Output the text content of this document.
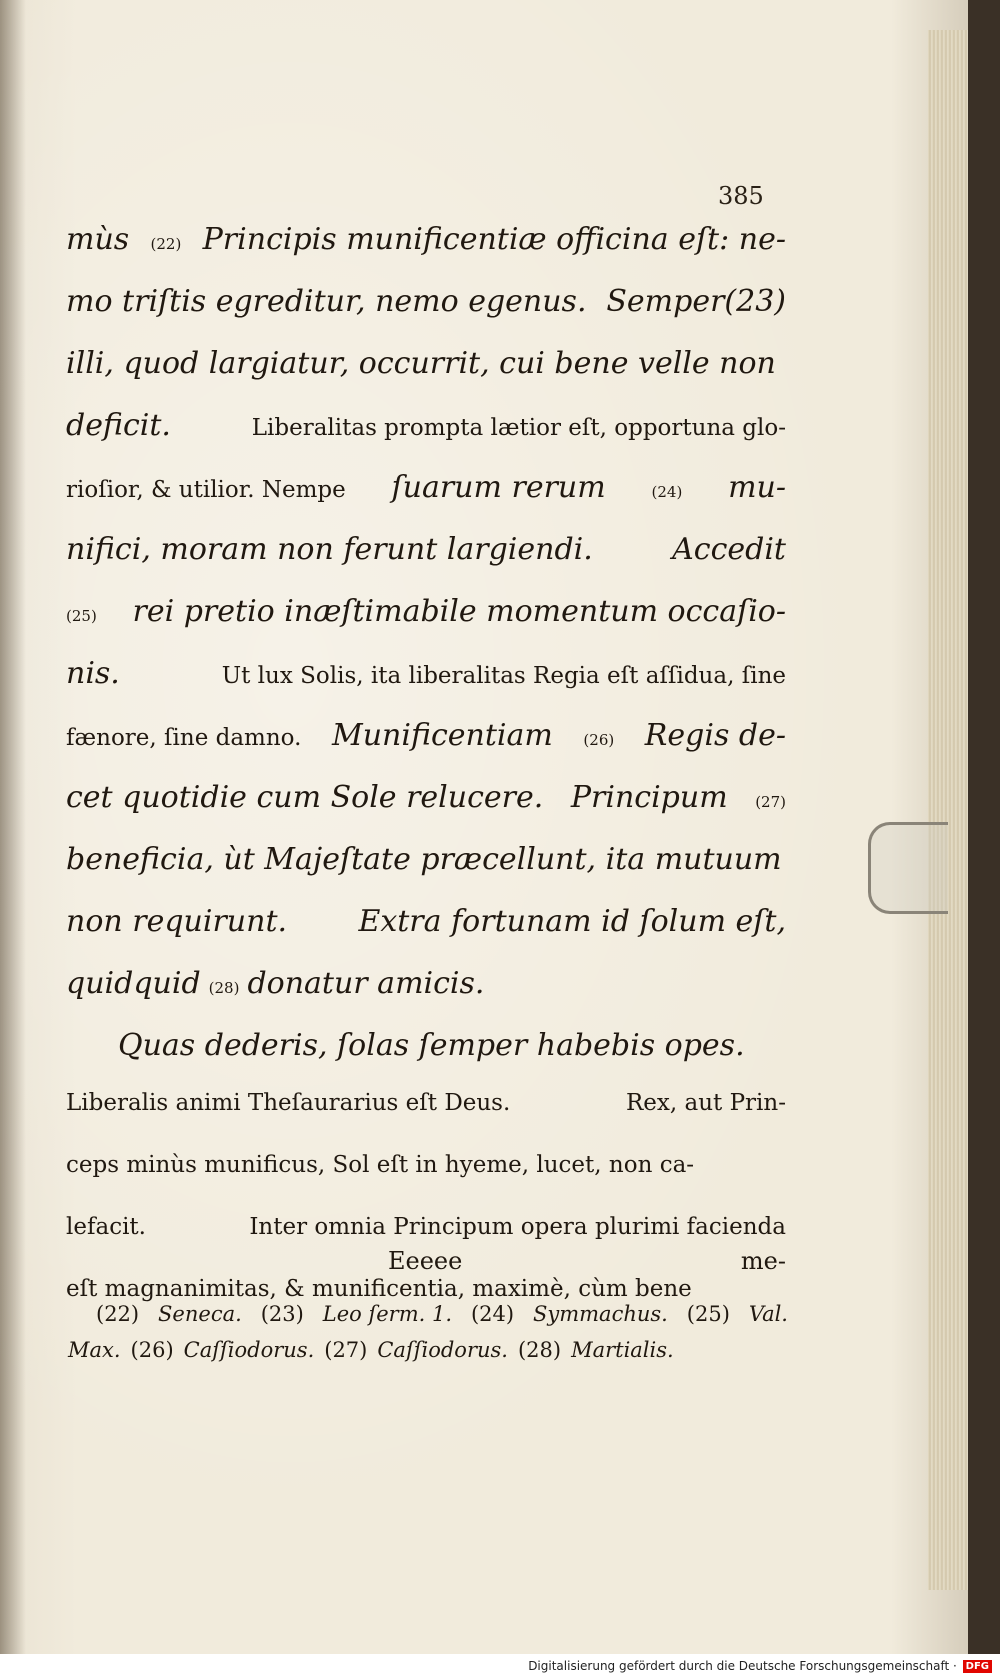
385
mùs (22) Principis munificentiæ officina eſt: ne-
mo triſtis egreditur, nemo egenus. Semper(23)
illi, quod largiatur, occurrit, cui bene velle non
deficit.	Liberalitas prompta lætior eſt, opportuna glo-
rioſior, & utilior. Nempe ſuarum rerum	(24) mu-
nifici, moram non ferunt largiendi.	Accedit
(25) rei pretio inæſtimabile momentum occaſio-
nis.	Ut lux Solis, ita liberalitas Regia eſt aſſidua, ſine
fænore, ſine damno. Munificentiam (26) Regis de-
cet quotidie cum Sole relucere. Principum (27)
beneficia, ùt Majeſtate præcellunt, ita mutuum
non requirunt. Extra fortunam id ſolum eſt,
quidquid (28) donatur amicis.
Quas dederis, ſolas ſemper habebis opes.
Liberalis animi Theſaurarius eſt Deus.	Rex, aut Prin-
ceps minùs munificus, Sol eſt in hyeme, lucet, non ca-
lefacit.	Inter omnia Principum opera plurimi facienda
eſt magnanimitas, & munificentia, maximè, cùm bene
Eeeee	me-
(22) Seneca. (23) Leo ſerm. 1. (24) Symmachus. (25) Val.
Max. (26) Caſſiodorus. (27) Caſſiodorus. (28) Martialis.
Digitalisierung gefördert durch die Deutsche Forschungsgemeinschaft · DFG
